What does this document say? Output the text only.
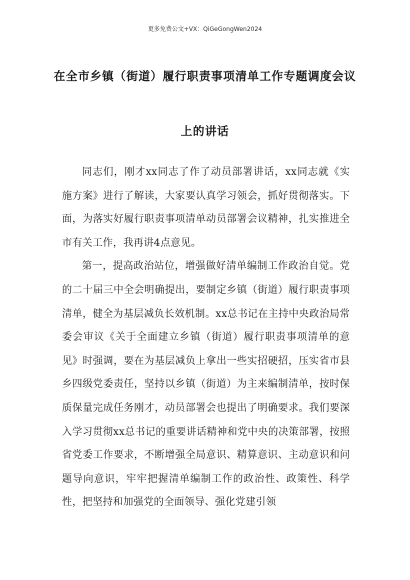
更多免费公文+VX：QiGeGongWen2024
在全市乡镇（街道）履行职责事项清单工作专题调度会议
上的讲话

同志们，刚才xx同志了作了动员部署讲话，xx同志就《实施方案》进行了解读，大家要认真学习领会，抓好贯彻落实。下面，为落实好履行职责事项清单动员部署会议精神，扎实推进全市有关工作，我再讲4点意见。

第一，提高政治站位，增强做好清单编制工作政治自觉。党的二十届三中全会明确提出，要制定乡镇（街道）履行职责事项清单，健全为基层减负长效机制。xx总书记在主持中央政治局常委会审议《关于全面建立乡镇（街道）履行职责事项清单的意见》时强调，要在为基层减负上拿出一些实招硬招，压实省市县乡四级党委责任，坚持以乡镇（街道）为主来编制清单，按时保质保量完成任务刚才，动员部署会也提出了明确要求。我们要深入学习贯彻xx总书记的重要讲话精神和党中央的决策部署，按照省党委工作要求，不断增强全局意识、精算意识、主动意识和问题导向意识，牢牢把握清单编制工作的政治性、政策性、科学性，把坚持和加强党的全面领导、强化党建引领
